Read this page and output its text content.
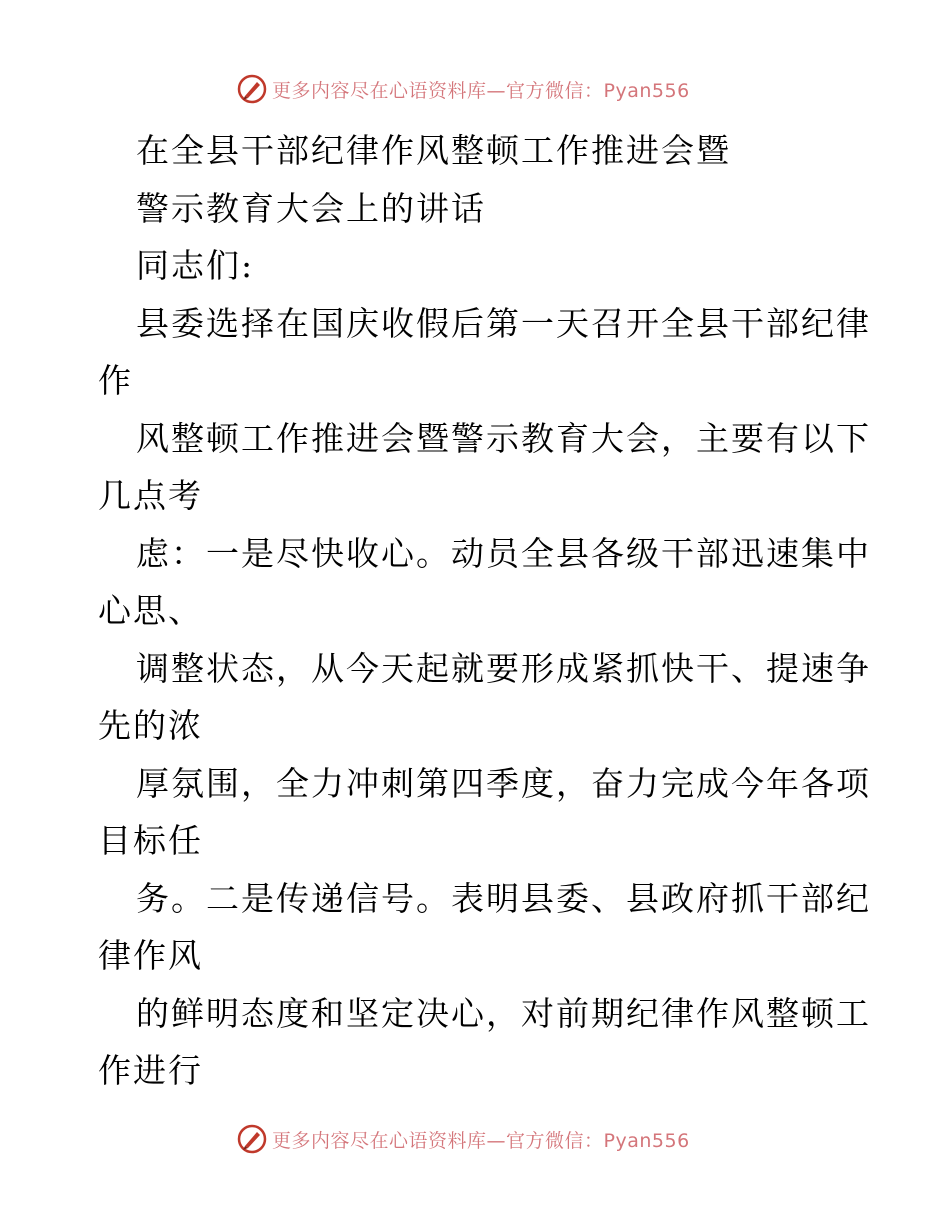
更多内容尽在心语资料库—官方微信：Pyan556
在全县干部纪律作风整顿工作推进会暨
警示教育大会上的讲话
同志们:
县委选择在国庆收假后第一天召开全县干部纪律
作
风整顿工作推进会暨警示教育大会，主要有以下
几点考
虑：一是尽快收心。动员全县各级干部迅速集中
心思、
调整状态，从今天起就要形成紧抓快干、提速争
先的浓
厚氛围，全力冲刺第四季度，奋力完成今年各项
目标任
务。二是传递信号。表明县委、县政府抓干部纪
律作风
的鲜明态度和坚定决心，对前期纪律作风整顿工
作进行
更多内容尽在心语资料库—官方微信：Pyan556
